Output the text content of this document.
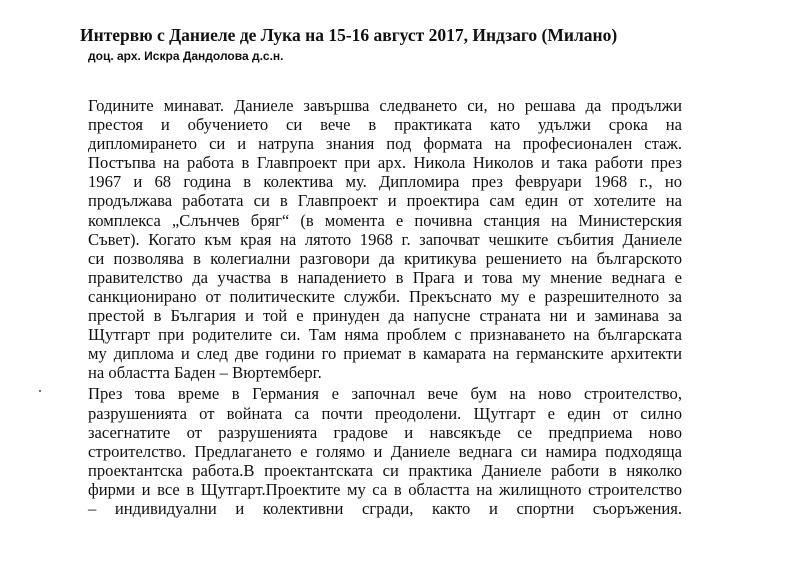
Интервю с Даниеле де Лука на 15-16 август 2017, Индзаго (Милано)
доц. арх. Искра Дандолова д.с.н.

Годините минават. Даниеле завършва следването си, но решава да продължи
престоя и обучението си вече в практиката като удължи срока на
дипломирането си и натрупа знания под формата на професионален стаж.
Постъпва на работа в Главпроект при арх. Никола Николов и така работи през
1967 и 68 година в колектива му. Дипломира през февруари 1968 г., но
продължава работата си в Главпроект и проектира сам един от хотелите на
комплекса „Слънчев бряг“ (в момента е почивна станция на Министерския
Съвет). Когато към края на лятото 1968 г. започват чешките събития Даниеле
си позволява в колегиални разговори да критикува решението на българското
правителство да участва в нападението в Прага и това му мнение веднага е
санкционирано от политическите служби. Прекъснато му е разрешителното за
престой в България и той е принуден да напусне страната ни и заминава за
Щутгарт при родителите си. Там няма проблем с признаването на българската
му диплома и след две години го приемат в камарата на германските архитекти
на областта Баден – Вюртемберг.

През това време в Германия е започнал вече бум на ново строителство,
разрушенията от войната са почти преодолени. Щутгарт е един от силно
засегнатите от разрушенията градове и навсякъде се предприема ново
строителство. Предлагането е голямо и Даниеле веднага си намира подходяща
проектантска работа.В проектантската си практика Даниеле работи в няколко
фирми и все в Щутгарт.Проектите му са в областта на жилищното строителство
– индивидуални и колективни сгради, както и спортни съоръжения.
